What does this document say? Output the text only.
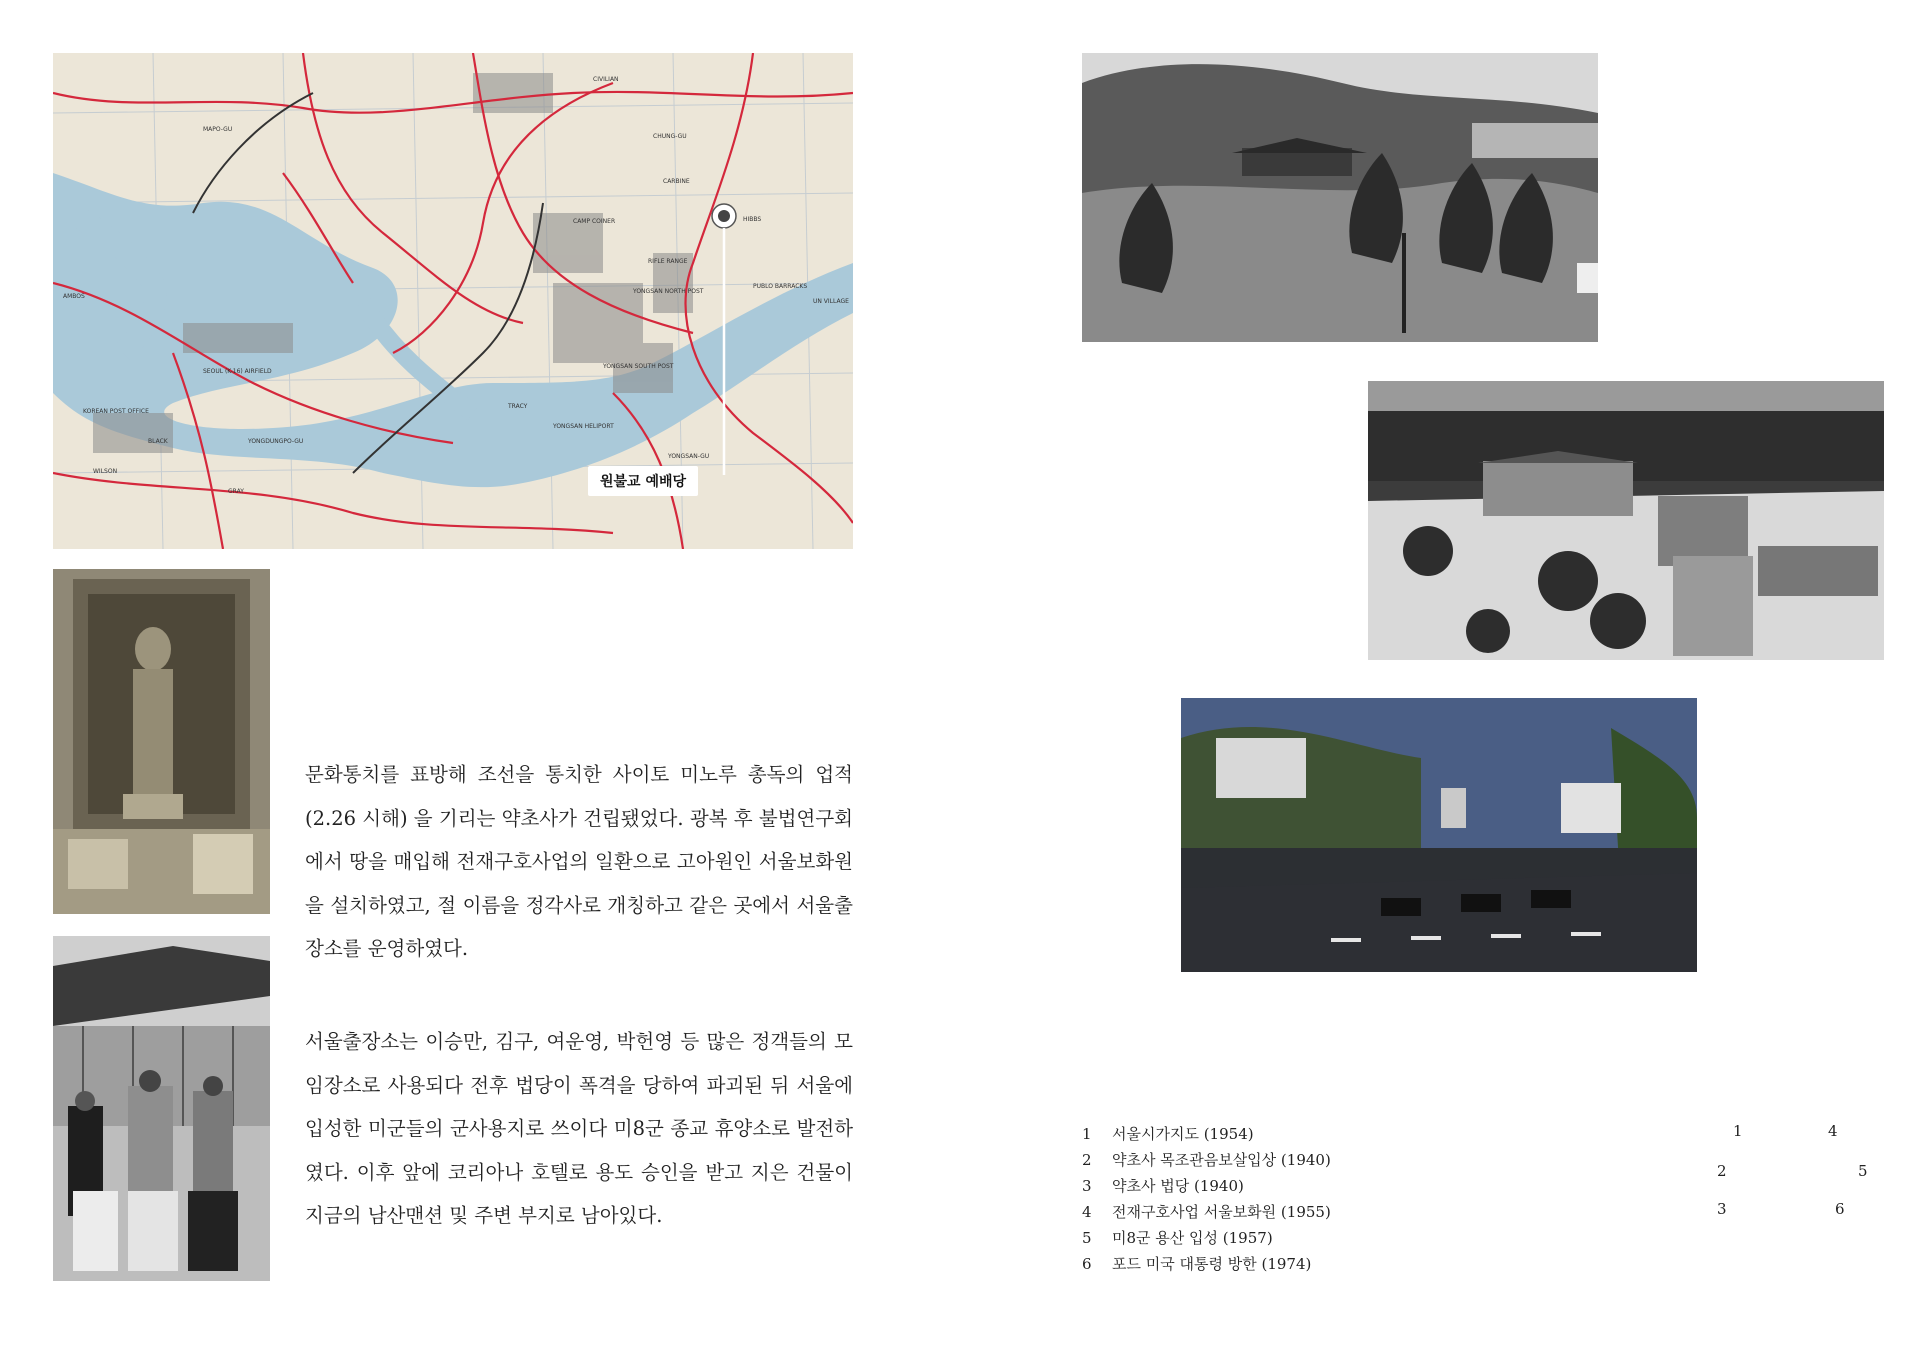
MAPO-GU
CHUNG-GU
CAMP COINER
RIFLE RANGE
CARBINE
YONGSAN NORTH POST
YONGSAN SOUTH POST
HIBBS
SEOUL (K-16) AIRFIELD
KOREAN POST OFFICE
YONGDUNGPO-GU
YONGSAN HELIPORT
TRACY
CIVILIAN
AMBOS
UN VILLAGE
YONGSAN-GU
BLACK
WILSON
GRAY
PUBLO BARRACKS
원불교 예배당
문화통치를 표방해 조선을 통치한 사이토 미노루 총독의 업적 (2.26 시해) 을 기리는 약초사가 건립됐었다. 광복 후 불법연구회에서 땅을 매입해 전재구호사업의 일환으로 고아원인 서울보화원을 설치하였고, 절 이름을 정각사로 개칭하고 같은 곳에서 서울출장소를 운영하였다.
서울출장소는 이승만, 김구, 여운영, 박헌영 등 많은 정객들의 모임장소로 사용되다 전후 법당이 폭격을 당하여 파괴된 뒤 서울에 입성한 미군들의 군사용지로 쓰이다 미8군 종교 휴양소로 발전하였다. 이후 앞에 코리아나 호텔로 용도 승인을 받고 지은 건물이 지금의 남산맨션 및 주변 부지로 남아있다.
1	서울시가지도 (1954)
2	약초사 목조관음보살입상 (1940)
3	약초사 법당 (1940)
4	전재구호사업 서울보화원 (1955)
5	미8군 용산 입성 (1957)
6	포드 미국 대통령 방한 (1974)
1	4
2	5
3	6
